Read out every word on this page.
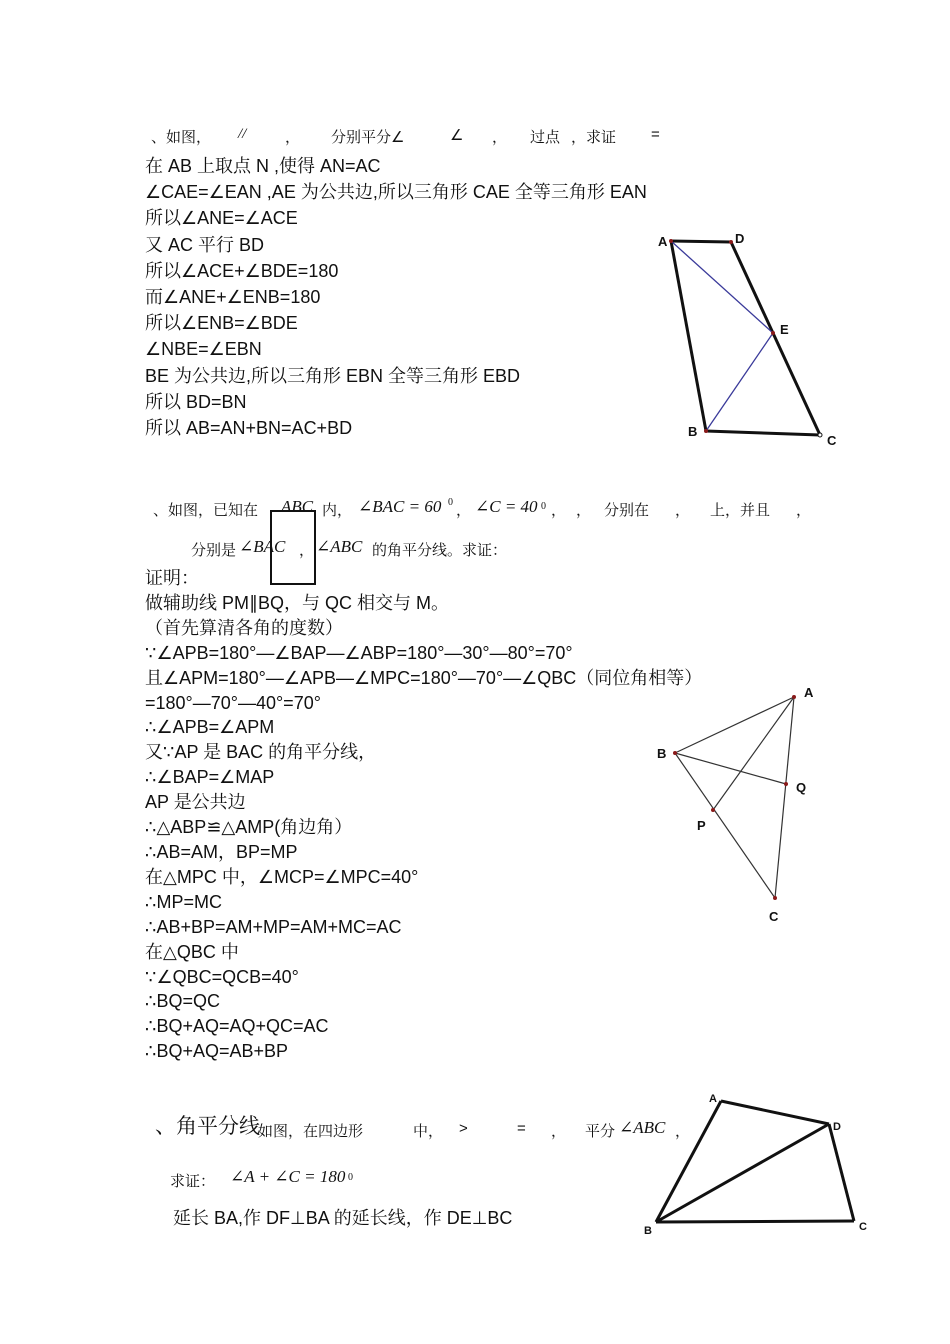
、如图， //	， 分别平分∠	∠ ， 过点 ，求证 =
在 AB 上取点 N ,使得 AN=AC
∠CAE=∠EAN ,AE 为公共边,所以三角形 CAE 全等三角形 EAN
所以∠ANE=∠ACE
又 AC 平行 BD
所以∠ACE+∠BDE=180
而∠ANE+∠ENB=180
所以∠ENB=∠BDE
∠NBE=∠EBN
BE 为公共边,所以三角形 EBN 全等三角形 EBD
所以 BD=BN
所以 AB=AN+BN=AC+BD
A	D
E
B
C
、如图，已知在 ABC 内， ∠BAC = 60 0 ， ∠C = 40 0 ， ， 分别在 ， 上，并且 ，
分别是 ∠BAC ， ∠ABC 的角平分线。求证：
证明：
做辅助线 PM∥BQ，与 QC 相交与 M。
（首先算清各角的度数）
∵∠APB=180°—∠BAP—∠ABP=180°—30°—80°=70°
且∠APM=180°—∠APB—∠MPC=180°—70°—∠QBC（同位角相等）
=180°—70°—40°=70°
∴∠APB=∠APM
又∵AP 是 BAC 的角平分线，
∴∠BAP=∠MAP
AP 是公共边
∴△ABP≌△AMP(角边角）
∴AB=AM，BP=MP
在△MPC 中，∠MCP=∠MPC=40°
∴MP=MC
∴AB+BP=AM+MP=AM+MC=AC
在△QBC 中
∵∠QBC=QCB=40°
∴BQ=QC
∴BQ+AQ=AQ+QC=AC
∴BQ+AQ=AB+BP
A
B
Q
P
C
、角平分线
如图，在四边形	中， >	= ， 平分 ∠ABC ，
求证： ∠A + ∠C = 180 0
延长 BA,作 DF⊥BA 的延长线，作 DE⊥BC
A
D
B	C
